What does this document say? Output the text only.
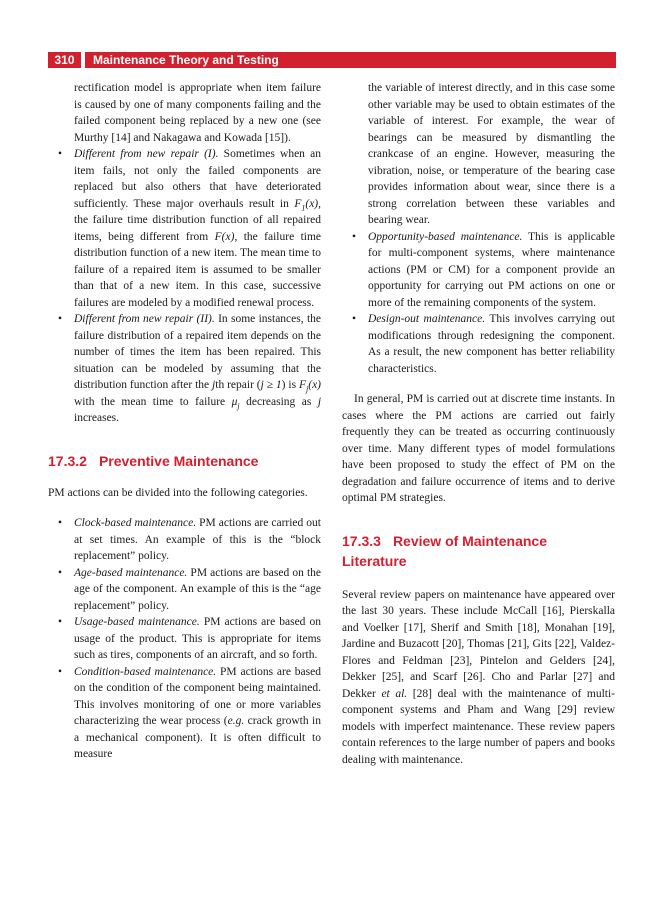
310	Maintenance Theory and Testing

rectification model is appropriate when item failure is caused by one of many components failing and the failed component being replaced by a new one (see Murthy [14] and Nakagawa and Kowada [15]).

• Different from new repair (I). Sometimes when an item fails, not only the failed components are replaced but also others that have deteriorated sufficiently. These major overhauls result in $F_1(x)$, the failure time distribution function of all repaired items, being different from F(x), the failure time distribution function of a new item. The mean time to failure of a repaired item is assumed to be smaller than that of a new item. In this case, successive failures are modeled by a modified renewal process.
• Different from new repair (II). In some instances, the failure distribution of a repaired item depends on the number of times the item has been repaired. This situation can be modeled by assuming that the distribution function after the jth repair (j ≥ 1) is $F_j(x)$ with the mean time to failure $\mu_j$ decreasing as j increases.
17.3.2 Preventive Maintenance

PM actions can be divided into the following categories.

• Clock-based maintenance. PM actions are carried out at set times. An example of this is the “block replacement” policy.
• Age-based maintenance. PM actions are based on the age of the component. An example of this is the “age replacement” policy.
• Usage-based maintenance. PM actions are based on usage of the product. This is appropriate for items such as tires, components of an aircraft, and so forth.
• Condition-based maintenance. PM actions are based on the condition of the component being maintained. This involves monitoring of one or more variables characterizing the wear process (e.g. crack growth in a mechanical component). It is often difficult to measure

the variable of interest directly, and in this case some other variable may be used to obtain estimates of the variable of interest. For example, the wear of bearings can be measured by dismantling the crankcase of an engine. However, measuring the vibration, noise, or temperature of the bearing case provides information about wear, since there is a strong correlation between these variables and bearing wear.

• Opportunity-based maintenance. This is applicable for multi-component systems, where maintenance actions (PM or CM) for a component provide an opportunity for carrying out PM actions on one or more of the remaining components of the system.
• Design-out maintenance. This involves carrying out modifications through redesigning the component. As a result, the new component has better reliability characteristics.

In general, PM is carried out at discrete time instants. In cases where the PM actions are carried out fairly frequently they can be treated as occurring continuously over time. Many different types of model formulations have been proposed to study the effect of PM on the degradation and failure occurrence of items and to derive optimal PM strategies.

17.3.3 Review of Maintenance
Literature

Several review papers on maintenance have appeared over the last 30 years. These include McCall [16], Pierskalla and Voelker [17], Sherif and Smith [18], Monahan [19], Jardine and Buzacott [20], Thomas [21], Gits [22], Valdez-Flores and Feldman [23], Pintelon and Gelders [24], Dekker [25], and Scarf [26]. Cho and Parlar [27] and Dekker et al. [28] deal with the maintenance of multi-component systems and Pham and Wang [29] review models with imperfect maintenance. These review papers contain references to the large number of papers and books dealing with maintenance.
